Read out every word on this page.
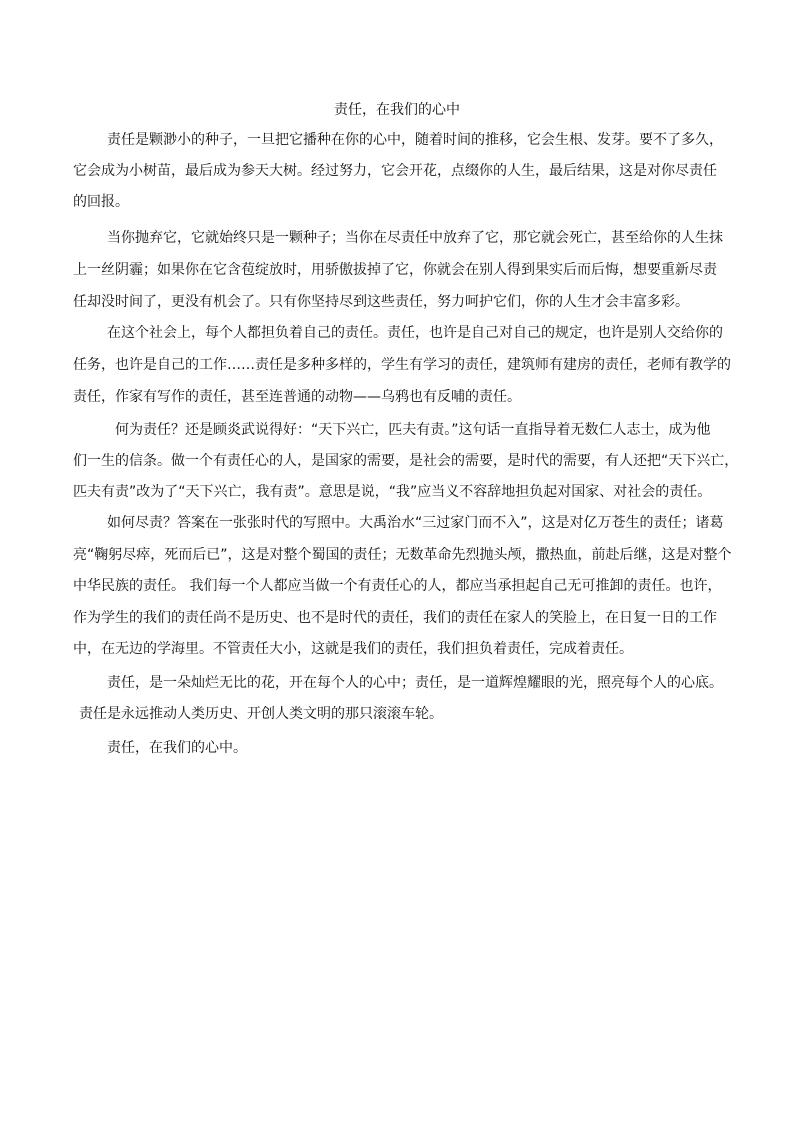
责任，在我们的心中

责任是颗渺小的种子，一旦把它播种在你的心中，随着时间的推移，它会生根、发芽。要不了多久，

它会成为小树苗，最后成为参天大树。经过努力，它会开花，点缀你的人生，最后结果，这是对你尽责任

的回报。

当你抛弃它，它就始终只是一颗种子；当你在尽责任中放弃了它，那它就会死亡，甚至给你的人生抹

上一丝阴霾；如果你在它含苞绽放时，用骄傲拔掉了它，你就会在别人得到果实后而后悔，想要重新尽责

任却没时间了，更没有机会了。只有你坚持尽到这些责任，努力呵护它们，你的人生才会丰富多彩。

在这个社会上，每个人都担负着自己的责任。责任，也许是自己对自己的规定，也许是别人交给你的

任务，也许是自己的工作……责任是多种多样的，学生有学习的责任，建筑师有建房的责任，老师有教学的

责任，作家有写作的责任，甚至连普通的动物——乌鸦也有反哺的责任。

何为责任？还是顾炎武说得好：“天下兴亡，匹夫有责。”这句话一直指导着无数仁人志士，成为他

们一生的信条。做一个有责任心的人，是国家的需要，是社会的需要，是时代的需要，有人还把“天下兴亡，

匹夫有责”改为了“天下兴亡，我有责”。意思是说，“我”应当义不容辞地担负起对国家、对社会的责任。

如何尽责？答案在一张张时代的写照中。大禹治水“三过家门而不入”，这是对亿万苍生的责任；诸葛

亮“鞠躬尽瘁，死而后已”，这是对整个蜀国的责任；无数革命先烈抛头颅，撒热血，前赴后继，这是对整个

中华民族的责任。 我们每一个人都应当做一个有责任心的人，都应当承担起自己无可推卸的责任。也许，

作为学生的我们的责任尚不是历史、也不是时代的责任，我们的责任在家人的笑脸上，在日复一日的工作

中，在无边的学海里。不管责任大小，这就是我们的责任，我们担负着责任，完成着责任。

责任，是一朵灿烂无比的花，开在每个人的心中；责任，是一道辉煌耀眼的光，照亮每个人的心底。

责任是永远推动人类历史、开创人类文明的那只滚滚车轮。

责任，在我们的心中。
